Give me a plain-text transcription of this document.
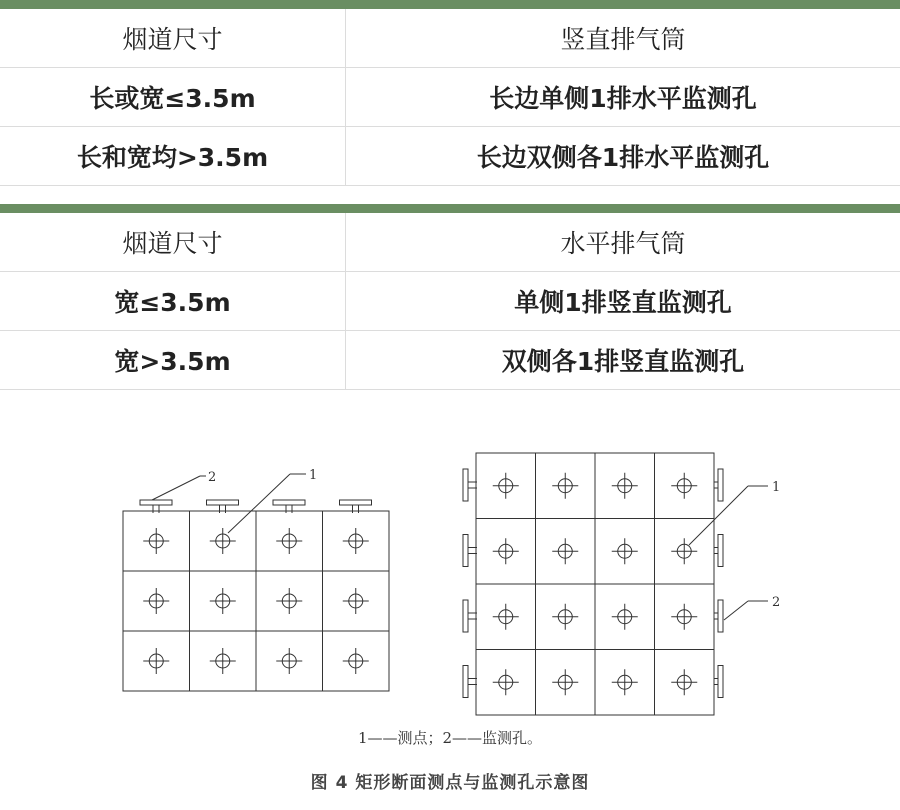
烟道尺寸	竖直排气筒
长或宽≤3.5m	长边单侧1排水平监测孔
长和宽均>3.5m	长边双侧各1排水平监测孔
烟道尺寸	水平排气筒
宽≤3.5m	单侧1排竖直监测孔
宽>3.5m	双侧各1排竖直监测孔
2	1
1
2
1——测点；2——监测孔。
图 4 矩形断面测点与监测孔示意图
